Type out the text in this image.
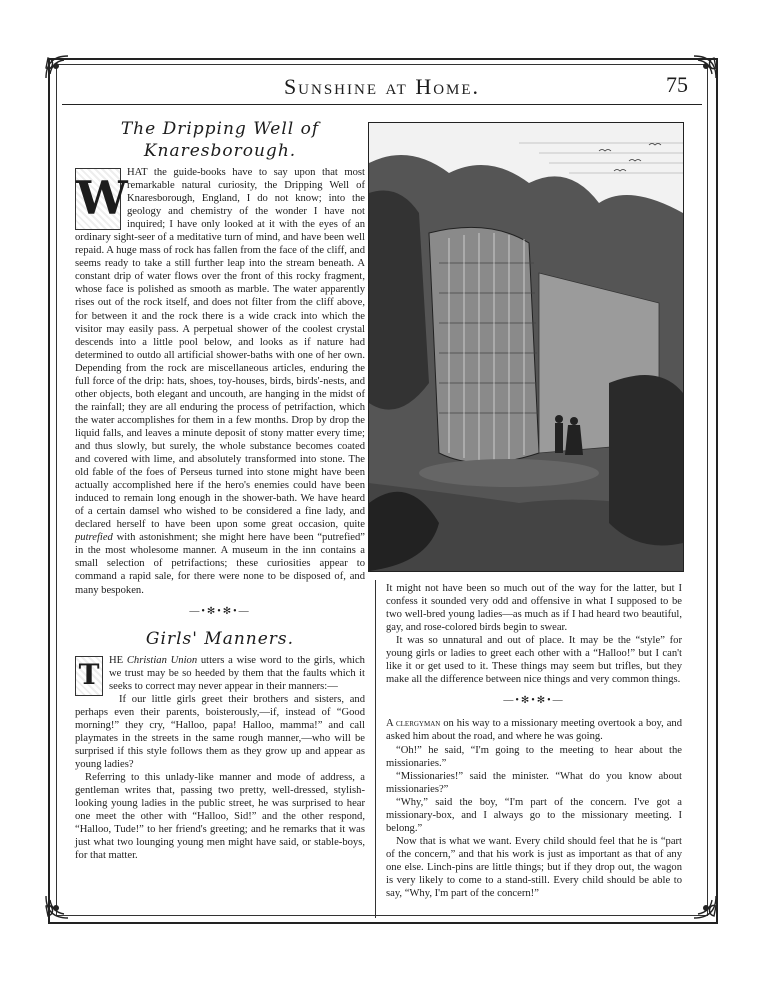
Sunshine at Home.	75
The Dripping Well of Knaresborough.

W HAT the guide-books have to say upon that most remarkable natural curiosity, the Dripping Well of Knaresborough, England, I do not know; into the geology and chemistry of the wonder I have not inquired; I have only looked at it with the eyes of an ordinary sight-seer of a meditative turn of mind, and have been well repaid. A huge mass of rock has fallen from the face of the cliff, and seems ready to take a still further leap into the stream beneath. A constant drip of water flows over the front of this rocky fragment, whose face is polished as smooth as marble. The water apparently rises out of the rock itself, and does not filter from the cliff above, for between it and the rock there is a wide crack into which the visitor may easily pass. A perpetual shower of the coolest crystal descends into a little pool below, and looks as if nature had determined to outdo all artificial shower-baths with one of her own. Depending from the rock are miscellaneous articles, enduring the full force of the drip: hats, shoes, toy-houses, birds, birds'-nests, and other objects, both elegant and uncouth, are hanging in the midst of the rainfall; they are all enduring the process of petrifaction, which the water accomplishes for them in a few months. Drop by drop the liquid falls, and leaves a minute deposit of stony matter every time; and thus slowly, but surely, the whole substance becomes coated and covered with lime, and absolutely transformed into stone. The old fable of the foes of Perseus turned into stone might have been actually accomplished here if the hero's enemies could have been induced to remain long enough in the shower-bath. We have heard of a certain damsel who wished to be considered a fine lady, and declared herself to have been upon some great occasion, quite putrefied with astonishment; she might here have been “putrefied” in the most wholesome manner. A museum in the inn contains a small selection of petrifactions; these curiosities appear to command a rapid sale, for there were none to be disposed of, and many bespoken.

—•✻•✻•—
Girls' Manners.

T HE Christian Union utters a wise word to the girls, which we trust may be so heeded by them that the faults which it seeks to correct may never appear in their manners:—

If our little girls greet their brothers and sisters, and perhaps even their parents, boisterously,—if, instead of “Good morning!” they cry, “Halloo, papa! Halloo, mamma!” and call playmates in the streets in the same rough manner,—who will be surprised if this style follows them as they grow up and appear as young ladies?

Referring to this unlady-like manner and mode of address, a gentleman writes that, passing two pretty, well-dressed, stylish-looking young ladies in the public street, he was surprised to hear one meet the other with “Halloo, Sid!” and the other respond, “Halloo, Tude!” to her friend's greeting; and he remarks that it was just what two lounging young men might have said, or stable-boys, for that matter.

It might not have been so much out of the way for the latter, but I confess it sounded very odd and offensive in what I supposed to be two well-bred young ladies—as much as if I had heard two beautiful, gay, and rose-colored birds begin to swear.

It was so unnatural and out of place. It may be the “style” for young girls or ladies to greet each other with a “Halloo!” but I can't like it or get used to it. These things may seem but trifles, but they make all the difference between nice things and very common things.

—•✻•✻•—

A clergyman on his way to a missionary meeting overtook a boy, and asked him about the road, and where he was going.

“Oh!” he said, “I'm going to the meeting to hear about the missionaries.”

“Missionaries!” said the minister. “What do you know about missionaries?”

“Why,” said the boy, “I'm part of the concern. I've got a missionary-box, and I always go to the missionary meeting. I belong.”

Now that is what we want. Every child should feel that he is “part of the concern,” and that his work is just as important as that of any one else. Linch-pins are little things; but if they drop out, the wagon is very likely to come to a stand-still. Every child should be able to say, “Why, I'm part of the concern!”
